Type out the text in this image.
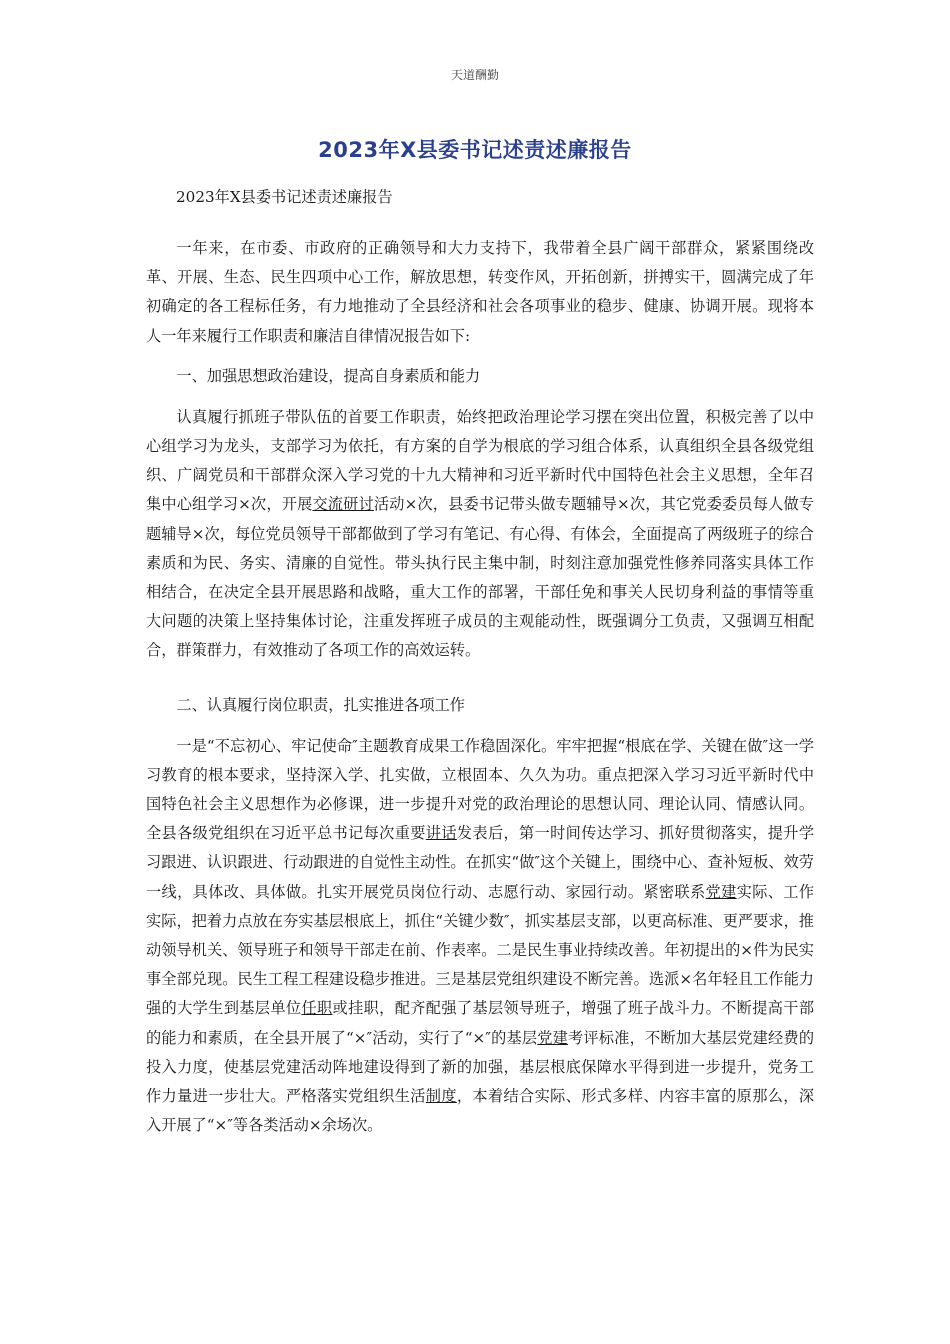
天道酬勤
2023年X县委书记述责述廉报告

2023年X县委书记述责述廉报告

一年来，在市委、市政府的正确领导和大力支持下，我带着全县广阔干部群众，紧紧围绕改革、开展、生态、民生四项中心工作，解放思想，转变作风，开拓创新，拼搏实干，圆满完成了年初确定的各工程标任务，有力地推动了全县经济和社会各项事业的稳步、健康、协调开展。现将本人一年来履行工作职责和廉洁自律情况报告如下:

一、加强思想政治建设，提高自身素质和能力

认真履行抓班子带队伍的首要工作职责，始终把政治理论学习摆在突出位置，积极完善了以中心组学习为龙头，支部学习为依托，有方案的自学为根底的学习组合体系，认真组织全县各级党组织、广阔党员和干部群众深入学习党的十九大精神和习近平新时代中国特色社会主义思想，全年召集中心组学习×次，开展交流研讨活动×次，县委书记带头做专题辅导×次，其它党委委员每人做专题辅导×次，每位党员领导干部都做到了学习有笔记、有心得、有体会，全面提高了两级班子的综合素质和为民、务实、清廉的自觉性。带头执行民主集中制，时刻注意加强党性修养同落实具体工作相结合，在决定全县开展思路和战略，重大工作的部署，干部任免和事关人民切身利益的事情等重大问题的决策上坚持集体讨论，注重发挥班子成员的主观能动性，既强调分工负责，又强调互相配合，群策群力，有效推动了各项工作的高效运转。

二、认真履行岗位职责，扎实推进各项工作

一是“不忘初心、牢记使命″主题教育成果工作稳固深化。牢牢把握“根底在学、关键在做″这一学习教育的根本要求，坚持深入学、扎实做，立根固本、久久为功。重点把深入学习习近平新时代中国特色社会主义思想作为必修课，进一步提升对党的政治理论的思想认同、理论认同、情感认同。全县各级党组织在习近平总书记每次重要讲话发表后，第一时间传达学习、抓好贯彻落实，提升学习跟进、认识跟进、行动跟进的自觉性主动性。在抓实“做″这个关键上，围绕中心、查补短板、效劳一线，具体改、具体做。扎实开展党员岗位行动、志愿行动、家园行动。紧密联系党建实际、工作实际，把着力点放在夯实基层根底上，抓住“关键少数″，抓实基层支部，以更高标准、更严要求，推动领导机关、领导班子和领导干部走在前、作表率。二是民生事业持续改善。年初提出的×件为民实事全部兑现。民生工程工程建设稳步推进。三是基层党组织建设不断完善。选派×名年轻且工作能力强的大学生到基层单位任职或挂职，配齐配强了基层领导班子，增强了班子战斗力。不断提高干部的能力和素质，在全县开展了“×″活动，实行了“×″的基层党建考评标准，不断加大基层党建经费的投入力度，使基层党建活动阵地建设得到了新的加强，基层根底保障水平得到进一步提升，党务工作力量进一步壮大。严格落实党组织生活制度，本着结合实际、形式多样、内容丰富的原那么，深入开展了“×″等各类活动×余场次。
